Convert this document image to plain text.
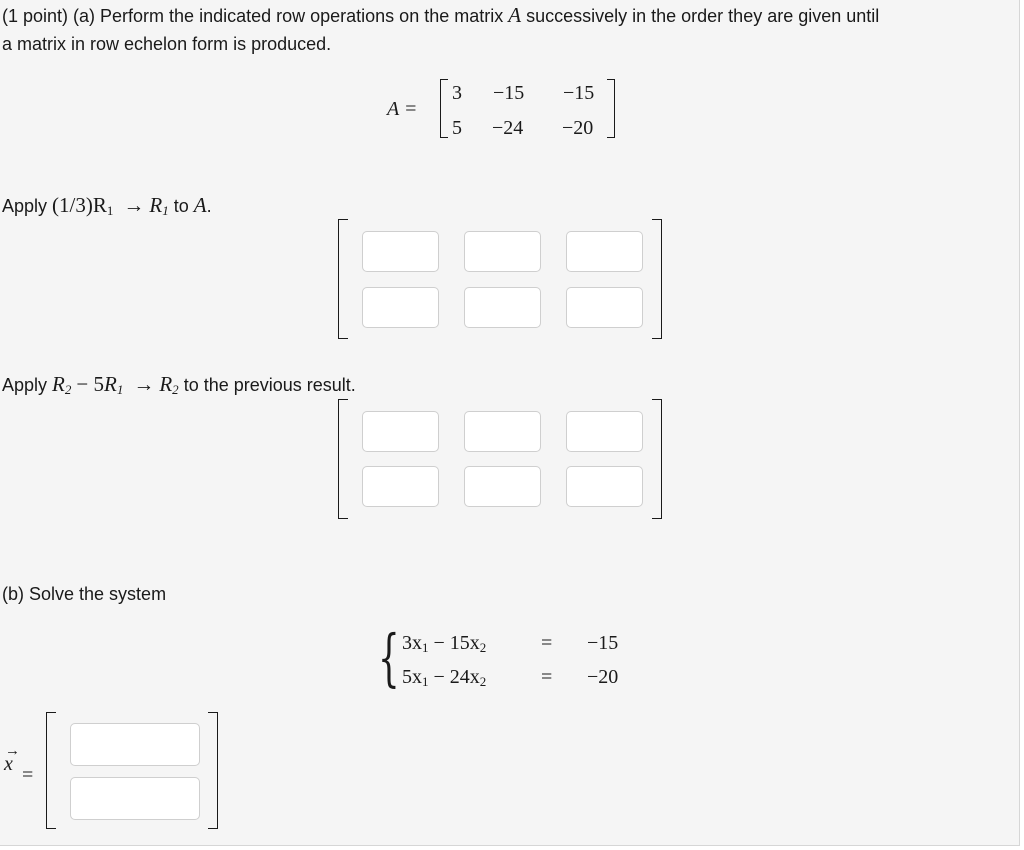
(1 point) (a) Perform the indicated row operations on the matrix A successively in the order they are given until
a matrix in row echelon form is produced.
A =
3 −15 −15
5 −24 −20
Apply $(1/3)R_1 \to R_1$ to A.
Apply $R_2 - 5R_1 \to R_2$ to the previous result.
(b) Solve the system
{ $3x_1 - 15x_2$	= −15
$5x_1 - 24x_2$	= −20
→
x =
